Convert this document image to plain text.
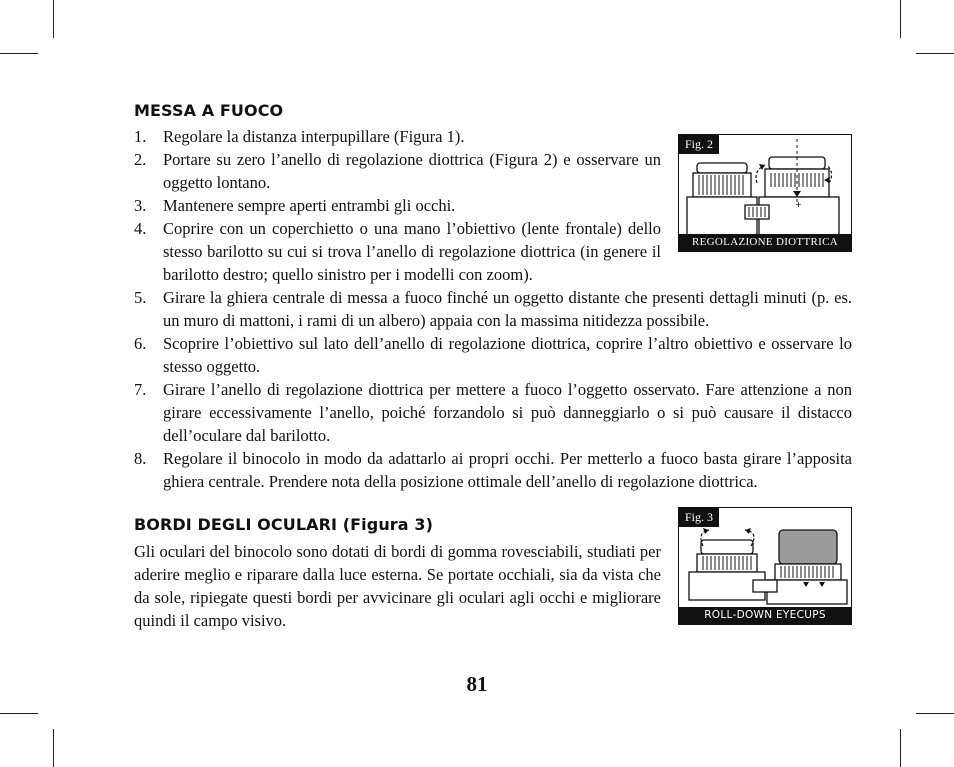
MESSA A FUOCO
1. Regolare la distanza interpupillare (Figura 1).
2. Portare su zero l’anello di regolazione diottrica (Figura 2) e osservare un oggetto lontano.
3. Mantenere sempre aperti entrambi gli occhi.
4. Coprire con un coperchietto o una mano l’obiettivo (lente frontale) dello stesso barilotto su cui si trova l’anello di regolazione diottrica (in genere il barilotto destro; quello sinistro per i modelli con zoom).
5. Girare la ghiera centrale di messa a fuoco finché un oggetto distante che presenti dettagli minuti (p. es. un muro di mattoni, i rami di un albero) appaia con la massima nitidezza possibile.
6. Scoprire l’obiettivo sul lato dell’anello di regolazione diottrica, coprire l’altro obiettivo e osservare lo stesso oggetto.
7. Girare l’anello di regolazione diottrica per mettere a fuoco l’oggetto osservato. Fare attenzione a non girare eccessivamente l’anello, poiché forzandolo si può danneggiarlo o si può causare il distacco dell’oculare dal barilotto.
8. Regolare il binocolo in modo da adattarlo ai propri occhi. Per metterlo a fuoco basta girare l’apposita ghiera centrale. Prendere nota della posizione ottimale dell’anello di regolazione diottrica.
+
Fig. 2
REGOLAZIONE DIOTTRICA
BORDI DEGLI OCULARI (Figura 3)

Gli oculari del binocolo sono dotati di bordi di gomma rovesciabili, studiati per aderire meglio e riparare dalla luce esterna. Se portate occhiali, sia da vista che da sole, ripiegate questi bordi per avvicinare gli oculari agli occhi e migliorare quindi il campo visivo.

Fig. 3
ROLL-DOWN EYECUPS
81
